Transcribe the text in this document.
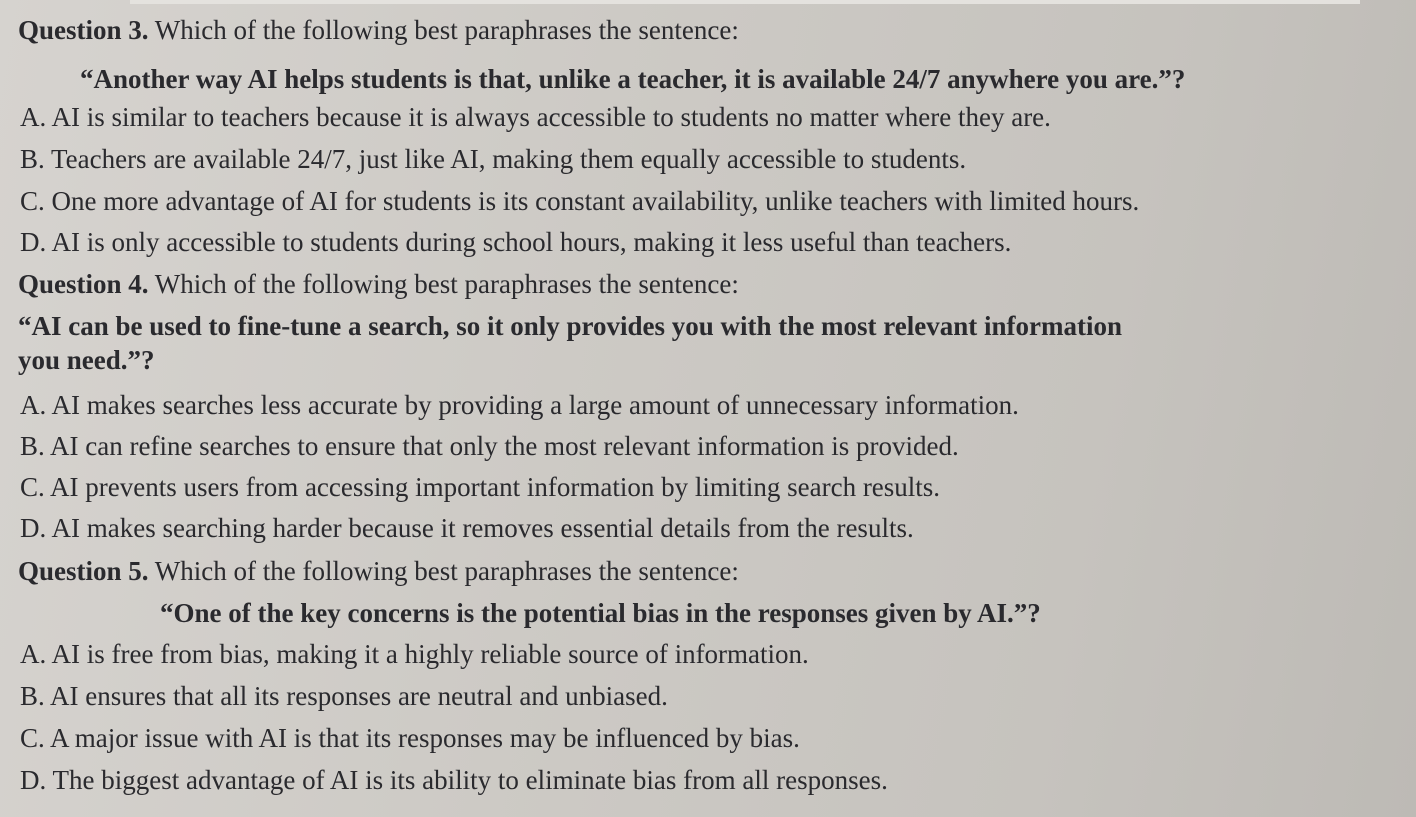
Question 3. Which of the following best paraphrases the sentence:
“Another way AI helps students is that, unlike a teacher, it is available 24/7 anywhere you are.”?
A. AI is similar to teachers because it is always accessible to students no matter where they are.
B. Teachers are available 24/7, just like AI, making them equally accessible to students.
C. One more advantage of AI for students is its constant availability, unlike teachers with limited hours.
D. AI is only accessible to students during school hours, making it less useful than teachers.
Question 4. Which of the following best paraphrases the sentence:
“AI can be used to fine-tune a search, so it only provides you with the most relevant information
you need.”?
A. AI makes searches less accurate by providing a large amount of unnecessary information.
B. AI can refine searches to ensure that only the most relevant information is provided.
C. AI prevents users from accessing important information by limiting search results.
D. AI makes searching harder because it removes essential details from the results.
Question 5. Which of the following best paraphrases the sentence:
“One of the key concerns is the potential bias in the responses given by AI.”?
A. AI is free from bias, making it a highly reliable source of information.
B. AI ensures that all its responses are neutral and unbiased.
C. A major issue with AI is that its responses may be influenced by bias.
D. The biggest advantage of AI is its ability to eliminate bias from all responses.
